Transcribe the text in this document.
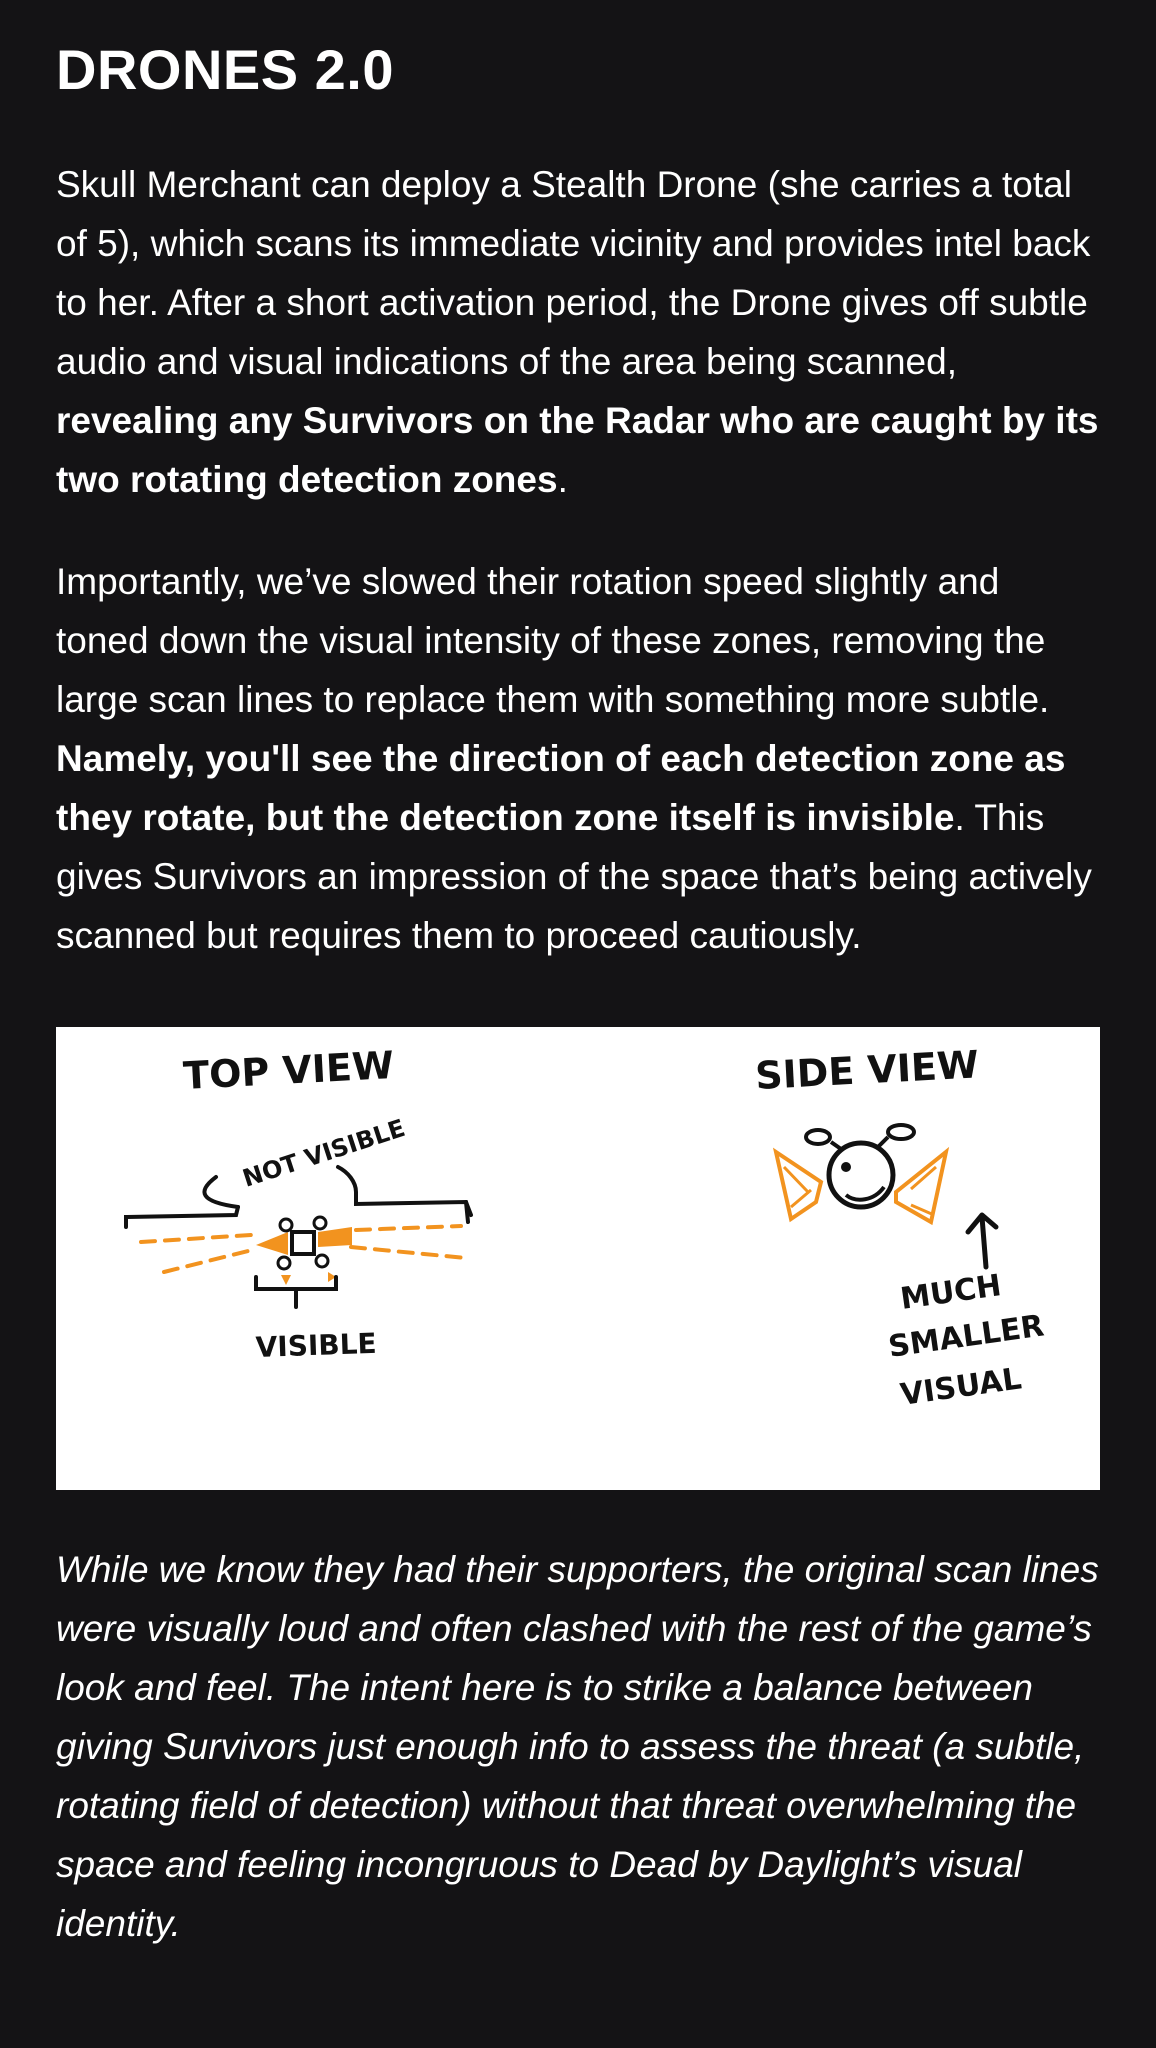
DRONES 2.0

Skull Merchant can deploy a Stealth Drone (she carries a total of 5), which scans its immediate vicinity and provides intel back to her. After a short activation period, the Drone gives off subtle audio and visual indications of the area being scanned, revealing any Survivors on the Radar who are caught by its two rotating detection zones.

Importantly, we’ve slowed their rotation speed slightly and toned down the visual intensity of these zones, removing the large scan lines to replace them with something more subtle. Namely, you'll see the direction of each detection zone as they rotate, but the detection zone itself is invisible. This gives Survivors an impression of the space that’s being actively scanned but requires them to proceed cautiously.

TOP VIEW
NOT VISIBLE
VISIBLE
SIDE VIEW
MUCH
SMALLER
VISUAL

While we know they had their supporters, the original scan lines were visually loud and often clashed with the rest of the game’s look and feel. The intent here is to strike a balance between giving Survivors just enough info to assess the threat (a subtle, rotating field of detection) without that threat overwhelming the space and feeling incongruous to Dead by Daylight’s visual identity.
